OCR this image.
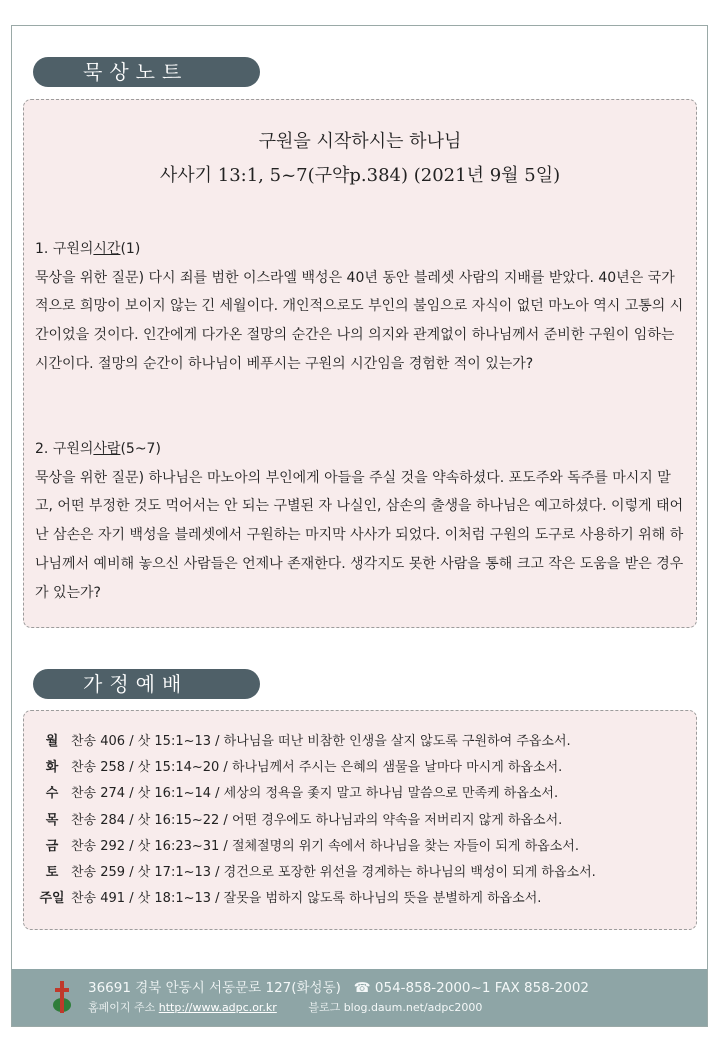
묵상노트
구원을 시작하시는 하나님
사사기 13:1, 5~7(구약p.384) (2021년 9월 5일)

1. 구원의시간(1)

묵상을 위한 질문) 다시 죄를 범한 이스라엘 백성은 40년 동안 블레셋 사람의 지배를 받았다. 40년은 국가적으로 희망이 보이지 않는 긴 세월이다. 개인적으로도 부인의 불임으로 자식이 없던 마노아 역시 고통의 시간이었을 것이다. 인간에게 다가온 절망의 순간은 나의 의지와 관계없이 하나님께서 준비한 구원이 임하는 시간이다. 절망의 순간이 하나님이 베푸시는 구원의 시간임을 경험한 적이 있는가?

2. 구원의사람(5~7)

묵상을 위한 질문) 하나님은 마노아의 부인에게 아들을 주실 것을 약속하셨다. 포도주와 독주를 마시지 말고, 어떤 부정한 것도 먹어서는 안 되는 구별된 자 나실인, 삼손의 출생을 하나님은 예고하셨다. 이렇게 태어난 삼손은 자기 백성을 블레셋에서 구원하는 마지막 사사가 되었다. 이처럼 구원의 도구로 사용하기 위해 하나님께서 예비해 놓으신 사람들은 언제나 존재한다. 생각지도 못한 사람을 통해 크고 작은 도움을 받은 경우가 있는가?

가정예배
월 찬송 406 / 삿 15:1~13 / 하나님을 떠난 비참한 인생을 살지 않도록 구원하여 주옵소서.
화 찬송 258 / 삿 15:14~20 / 하나님께서 주시는 은혜의 샘물을 날마다 마시게 하옵소서.
수 찬송 274 / 삿 16:1~14 / 세상의 정욕을 좇지 말고 하나님 말씀으로 만족케 하옵소서.
목 찬송 284 / 삿 16:15~22 / 어떤 경우에도 하나님과의 약속을 저버리지 않게 하옵소서.
금 찬송 292 / 삿 16:23~31 / 절체절명의 위기 속에서 하나님을 찾는 자들이 되게 하옵소서.
토 찬송 259 / 삿 17:1~13 / 경건으로 포장한 위선을 경계하는 하나님의 백성이 되게 하옵소서.
주일 찬송 491 / 삿 18:1~13 / 잘못을 범하지 않도록 하나님의 뜻을 분별하게 하옵소서.
36691 경북 안동시 서동문로 127(화성동) ☎ 054-858-2000~1 FAX 858-2002
홈페이지 주소 http://www.adpc.or.kr	블로그 blog.daum.net/adpc2000
